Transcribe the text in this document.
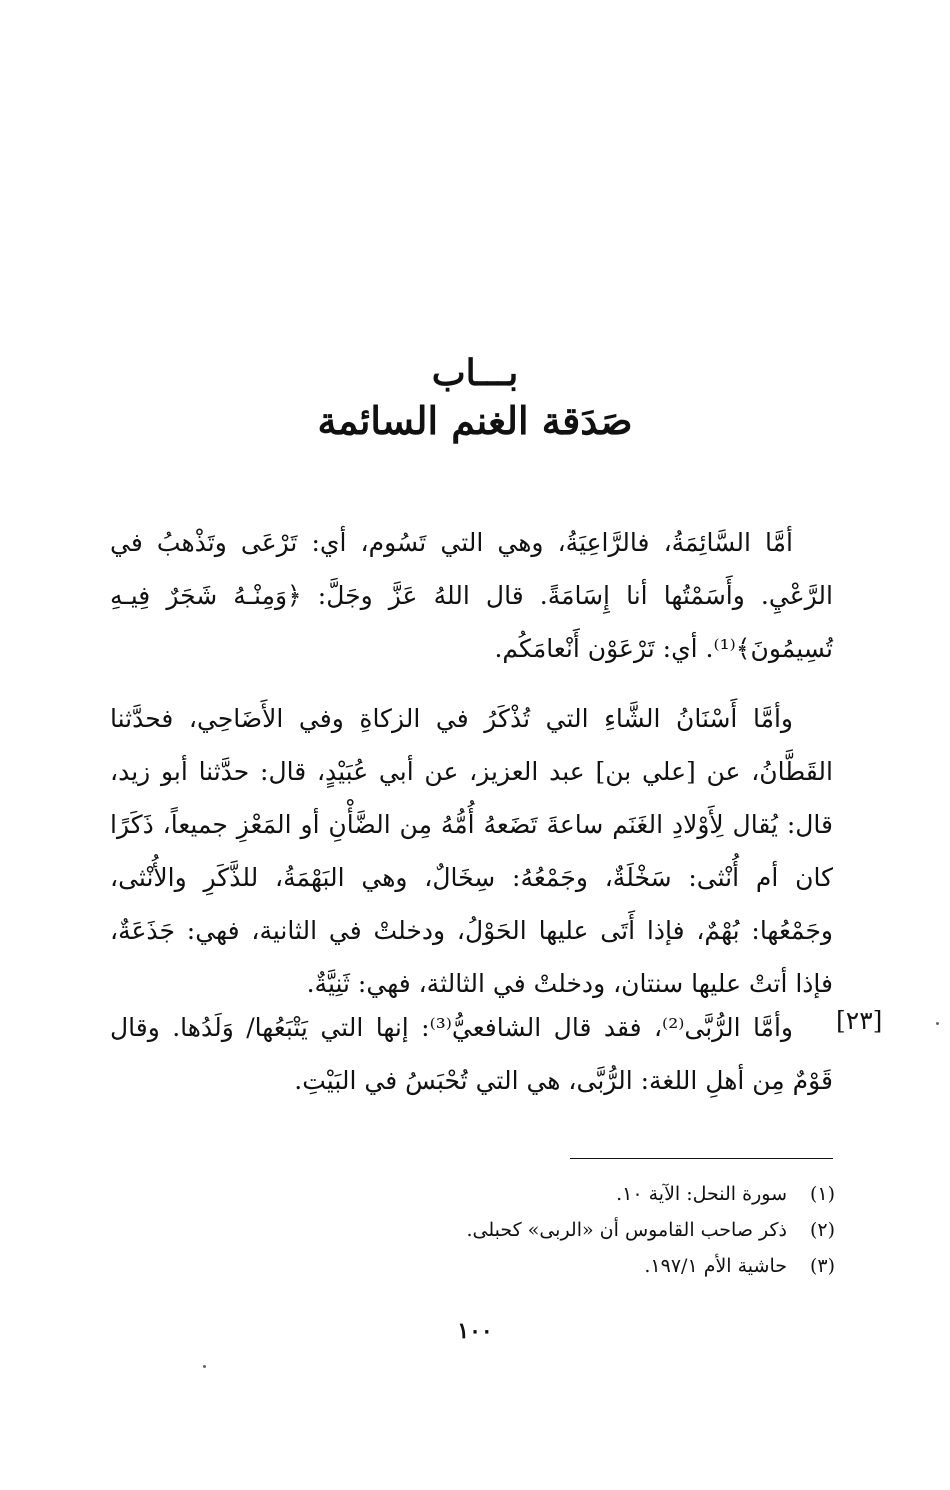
بـــاب
صَدَقة الغنم السائمة

أمَّا السَّائِمَةُ، فالرَّاعِيَةُ، وهي التي تَسُوم، أي: تَرْعَى وتَذْهبُ في الرَّعْيِ. وأَسَمْتُها أنا إِسَامَةً. قال اللهُ عَزَّ وجَلَّ: ﴿وَمِنْـهُ شَجَرٌ فِيـهِ تُسِيمُونَ﴾⁽¹⁾. أي: تَرْعَوْن أَنْعامَكُم.

وأمَّا أَسْنَانُ الشَّاءِ التي تُذْكَرُ في الزكاةِ وفي الأَضَاحِي، فحدَّثنا القَطَّانُ، عن [علي بن] عبد العزيز، عن أبي عُبَيْدٍ، قال: حدَّثنا أبو زيد، قال: يُقال لِأَوْلادِ الغَنَم ساعةَ تَضَعهُ أُمُّهُ مِن الضَّأْنِ أو المَعْزِ جميعاً، ذَكَرًا كان أم أُنْثى: سَخْلَةٌ، وجَمْعُهُ: سِخَالٌ، وهي البَهْمَةُ، للذَّكَرِ والأُنْثى، وجَمْعُها: بُهْمٌ، فإذا أَتَى عليها الحَوْلُ، ودخلتْ في الثانية، فهي: جَذَعَةٌ، فإذا أتتْ عليها سنتان، ودخلتْ في الثالثة، فهي: ثَنِيَّةٌ.

وأمَّا الرُّبَّى⁽²⁾، فقد قال الشافعيُّ⁽³⁾: إنها التي يَتْبَعُها/ وَلَدُها. وقال قَوْمٌ مِن أهلِ اللغة: الرُّبَّى، هي التي تُحْبَسُ في البَيْتِ.

[٢٣]
(١)
سورة النحل: الآية ١٠.
(٢)
ذكر صاحب القاموس أن «الربى» كحبلى.
(٣)
حاشية الأم ١٩٧/١.
١٠٠
